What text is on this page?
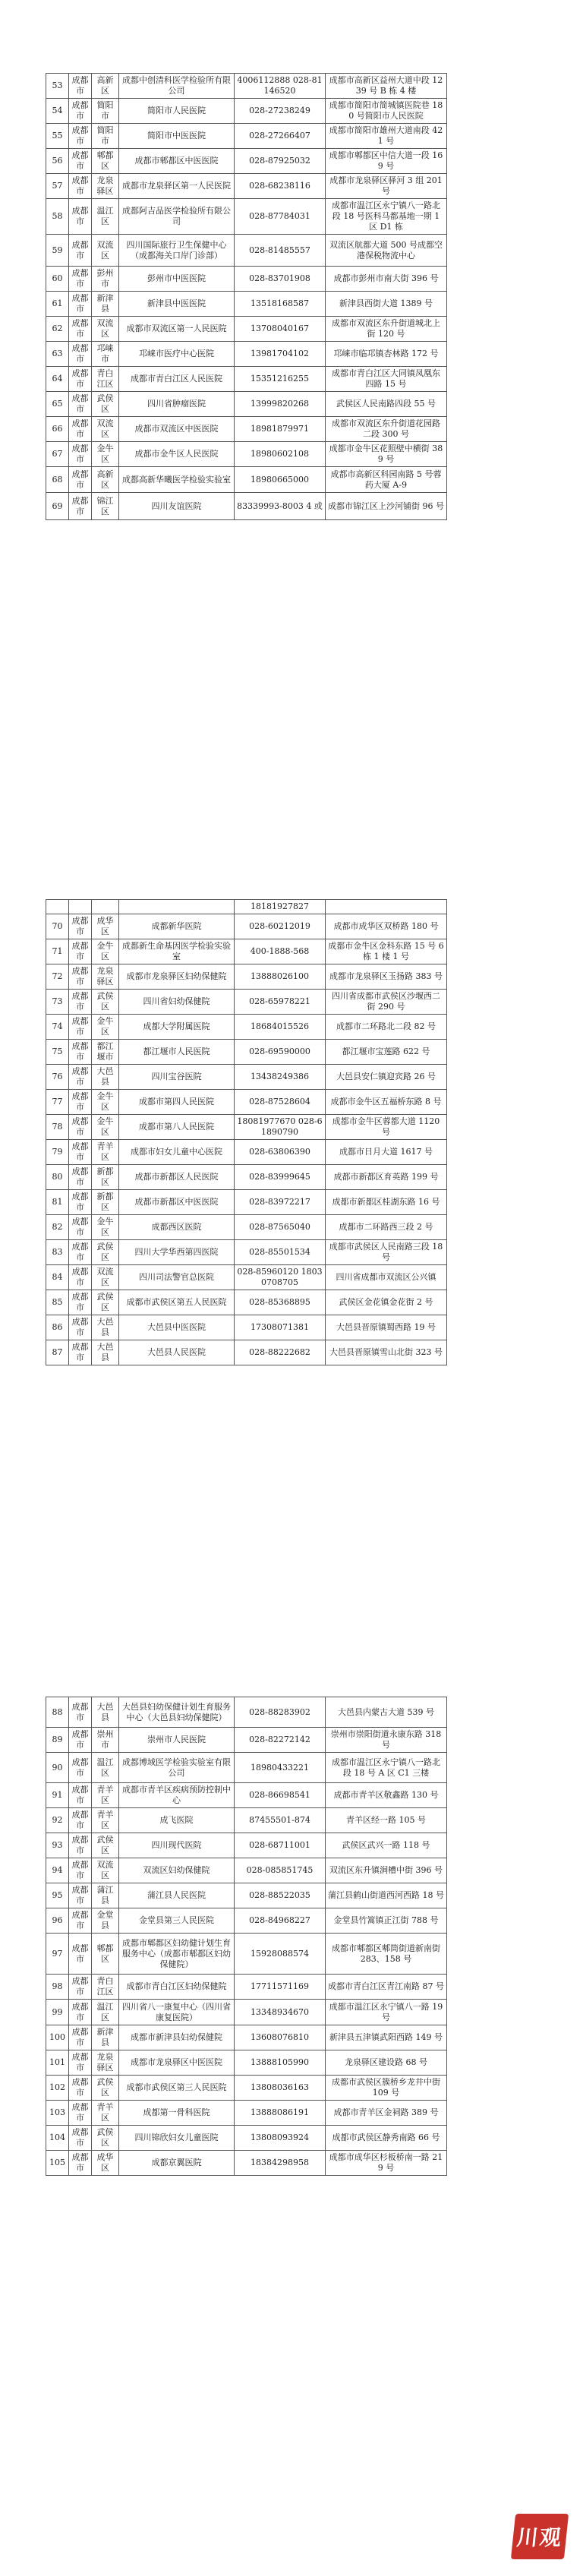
53	成都市	高新区	成都中创清科医学检验所有限公司	4006112888 028-81146520	成都市高新区益州大道中段 1239 号 B 栋 4 楼
54	成都市	简阳市	简阳市人民医院	028-27238249	成都市简阳市简城镇医院巷 180 号简阳市人民医院
55	成都市	简阳市	简阳市中医医院	028-27266407	成都市简阳市雄州大道南段 421 号
56	成都市	郫都区	成都市郫都区中医医院	028-87925032	成都市郫都区中信大道一段 169 号
57	成都市	龙泉驿区	成都市龙泉驿区第一人民医院	028-68238116	成都市龙泉驿区驿河 3 组 201 号
58	成都市	温江区	成都阿吉品医学检验所有限公司	028-87784031	成都市温江区永宁镇八一路北段 18 号医科马都基地一期 1 区 D1 栋
59	成都市	双流区	四川国际旅行卫生保健中心（成都海关口岸门诊部）	028-81485557	双流区航都大道 500 号成都空港保税物流中心
60	成都市	彭州市	彭州市中医医院	028-83701908	成都市彭州市南大街 396 号
61	成都市	新津县	新津县中医医院	13518168587	新津县西街大道 1389 号
62	成都市	双流区	成都市双流区第一人民医院	13708040167	成都市双流区东升街道城北上街 120 号
63	成都市	邛崃市	邛崃市医疗中心医院	13981704102	邛崃市临邛镇杏林路 172 号
64	成都市	青白江区	成都市青白江区人民医院	15351216255	成都市青白江区大同镇凤凰东四路 15 号
65	成都市	武侯区	四川省肿瘤医院	13999820268	武侯区人民南路四段 55 号
66	成都市	双流区	成都市双流区中医医院	18981879971	成都市双流区东升街道花园路二段 300 号
67	成都市	金牛区	成都市金牛区人民医院	18980602108	成都市金牛区花照壁中横街 389 号
68	成都市	高新区	成都高新华曦医学检验实验室	18980665000	成都市高新区科园南路 5 号蓉药大厦 A-9
69	成都市	锦江区	四川友谊医院	83339993-8003 4 或	成都市锦江区上沙河铺街 96 号
				18181927827	
70	成都市	成华区	成都新华医院	028-60212019	成都市成华区双桥路 180 号
71	成都市	金牛区	成都新生命基因医学检验实验室	400-1888-568	成都市金牛区金科东路 15 号 6 栋 1 楼 1 号
72	成都市	龙泉驿区	成都市龙泉驿区妇幼保健院	13888026100	成都市龙泉驿区玉扬路 383 号
73	成都市	武侯区	四川省妇幼保健院	028-65978221	四川省成都市武侯区沙堰西二街 290 号
74	成都市	金牛区	成都大学附属医院	18684015526	成都市二环路北二段 82 号
75	成都市	都江堰市	都江堰市人民医院	028-69590000	都江堰市宝莲路 622 号
76	成都市	大邑县	四川宝谷医院	13438249386	大邑县安仁镇迎宾路 26 号
77	成都市	金牛区	成都市第四人民医院	028-87528604	成都市金牛区五福桥东路 8 号
78	成都市	金牛区	成都市第八人民医院	18081977670 028-61890790	成都市金牛区蓉都大道 1120 号
79	成都市	青羊区	成都市妇女儿童中心医院	028-63806390	成都市日月大道 1617 号
80	成都市	新都区	成都市新都区人民医院	028-83999645	成都市新都区育英路 199 号
81	成都市	新都区	成都市新都区中医医院	028-83972217	成都市新都区桂湖东路 16 号
82	成都市	金牛区	成都西区医院	028-87565040	成都市二环路西三段 2 号
83	成都市	武侯区	四川大学华西第四医院	028-85501534	成都市武侯区人民南路三段 18 号
84	成都市	双流区	四川司法警官总医院	028-85960120 18030708705	四川省成都市双流区公兴镇
85	成都市	武侯区	成都市武侯区第五人民医院	028-85368895	武侯区金花镇金花街 2 号
86	成都市	大邑县	大邑县中医医院	17308071381	大邑县晋原镇蜀西路 19 号
87	成都市	大邑县	大邑县人民医院	028-88222682	大邑县晋原镇雪山北街 323 号
88	成都市	大邑县	大邑县妇幼保健计划生育服务中心（大邑县妇幼保健院）	028-88283902	大邑县内蒙古大道 539 号
89	成都市	崇州市	崇州市人民医院	028-82272142	崇州市崇阳街道永康东路 318 号
90	成都市	温江区	成都博域医学检验实验室有限公司	18980433221	成都市温江区永宁镇八一路北段 18 号 A 区 C1 三楼
91	成都市	青羊区	成都市青羊区疾病预防控制中心	028-86698541	成都市青羊区敬鑫路 130 号
92	成都市	青羊区	成飞医院	87455501-874	青羊区经一路 105 号
93	成都市	武侯区	四川现代医院	028-68711001	武侯区武兴一路 118 号
94	成都市	双流区	双流区妇幼保健院	028-085851745	双流区东升镇涧槽中街 396 号
95	成都市	蒲江县	蒲江县人民医院	028-88522035	蒲江县鹤山街道西河西路 18 号
96	成都市	金堂县	金堂县第三人民医院	028-84968227	金堂县竹篙镇正江街 788 号
97	成都市	郫都区	成都市郫都区妇幼健计划生育服务中心（成都市郫都区妇幼保健院）	15928088574	成都市郫都区郫筒街道新南街 283、158 号
98	成都市	青白江区	成都市青白江区妇幼保健院	17711571169	成都市青白江区青江南路 87 号
99	成都市	温江区	四川省八一康复中心（四川省康复医院）	13348934670	成都市温江区永宁镇八一路 19 号
100	成都市	新津县	成都市新津县妇幼保健院	13608076810	新津县五津镇武阳西路 149 号
101	成都市	龙泉驿区	成都市龙泉驿区中医医院	13888105990	龙泉驿区建设路 68 号
102	成都市	武侯区	成都市武侯区第三人民医院	13808036163	成都市武侯区簇桥乡龙井中街 109 号
103	成都市	青羊区	成都第一骨科医院	13888086191	成都市青羊区金祠路 389 号
104	成都市	武侯区	四川锦欣妇女儿童医院	13808093924	成都市武侯区静秀南路 66 号
105	成都市	成华区	成都京翼医院	18384298958	成都市成华区杉板桥南一路 219 号
川观
